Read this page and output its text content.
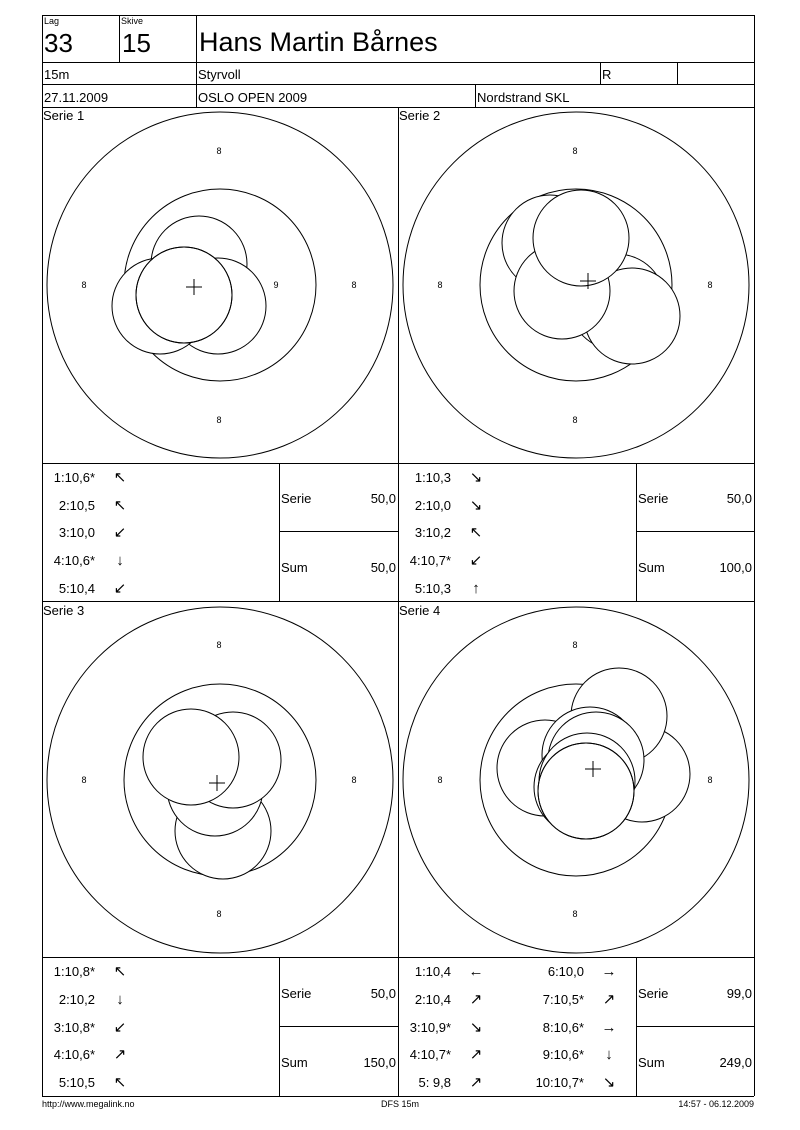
Lag
33
Skive
15 Hans Martin Bårnes
15m	Styrvoll	R
27.11.2009	OSLO OPEN 2009	Nordstrand SKL
Serie 1	Serie 2
Serie 3	Serie 4
8
8
8	8
9
8
8
8	8
8
8
8	8
8
8
8	8
1:10,6* ↖
2:10,5 ↖
3:10,0 ↙
4:10,6* ↓
5:10,4 ↙
Serie	50,0
Sum	50,0
1:10,3 ↘
2:10,0 ↘
3:10,2 ↖
4:10,7* ↙
5:10,3 ↑
Serie	50,0
Sum	100,0
1:10,8* ↖
2:10,2 ↓
3:10,8* ↙
4:10,6* ↗
5:10,5 ↖
Serie	50,0
Sum	150,0
1:10,4 ←
2:10,4 ↗
3:10,9* ↘
4:10,7* ↗
5: 9,8 ↗
6:10,0 →
7:10,5* ↗
8:10,6* →
9:10,6* ↓
10:10,7* ↘
Serie	99,0
Sum	249,0
http://www.megalink.no	DFS 15m	14:57 - 06.12.2009
